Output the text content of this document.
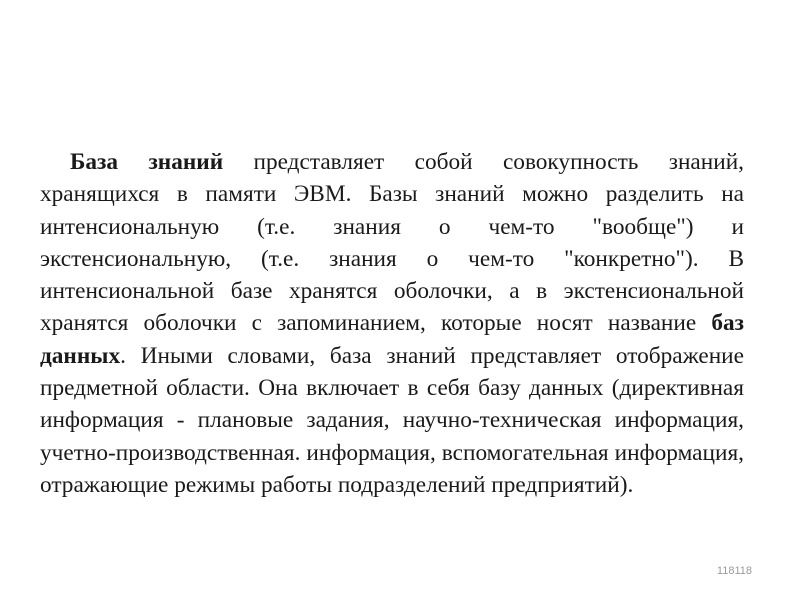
База знаний представляет собой совокупность знаний, хранящихся в памяти ЭВМ. Базы знаний можно разделить на интенсиональную (т.е. знания о чем-то "вообще") и экстенсиональную, (т.е. знания о чем-то "конкретно"). В интенсиональной базе хранятся оболочки, а в экстенсиональной хранятся оболочки с запоминанием, которые носят название баз данных. Иными словами, база знаний представляет отображение предметной области. Она включает в себя базу данных (директивная информация - плановые задания, научно-техническая информация, учетно-производственная. информация, вспомогательная информация, отражающие режимы работы подразделений предприятий).

118118
